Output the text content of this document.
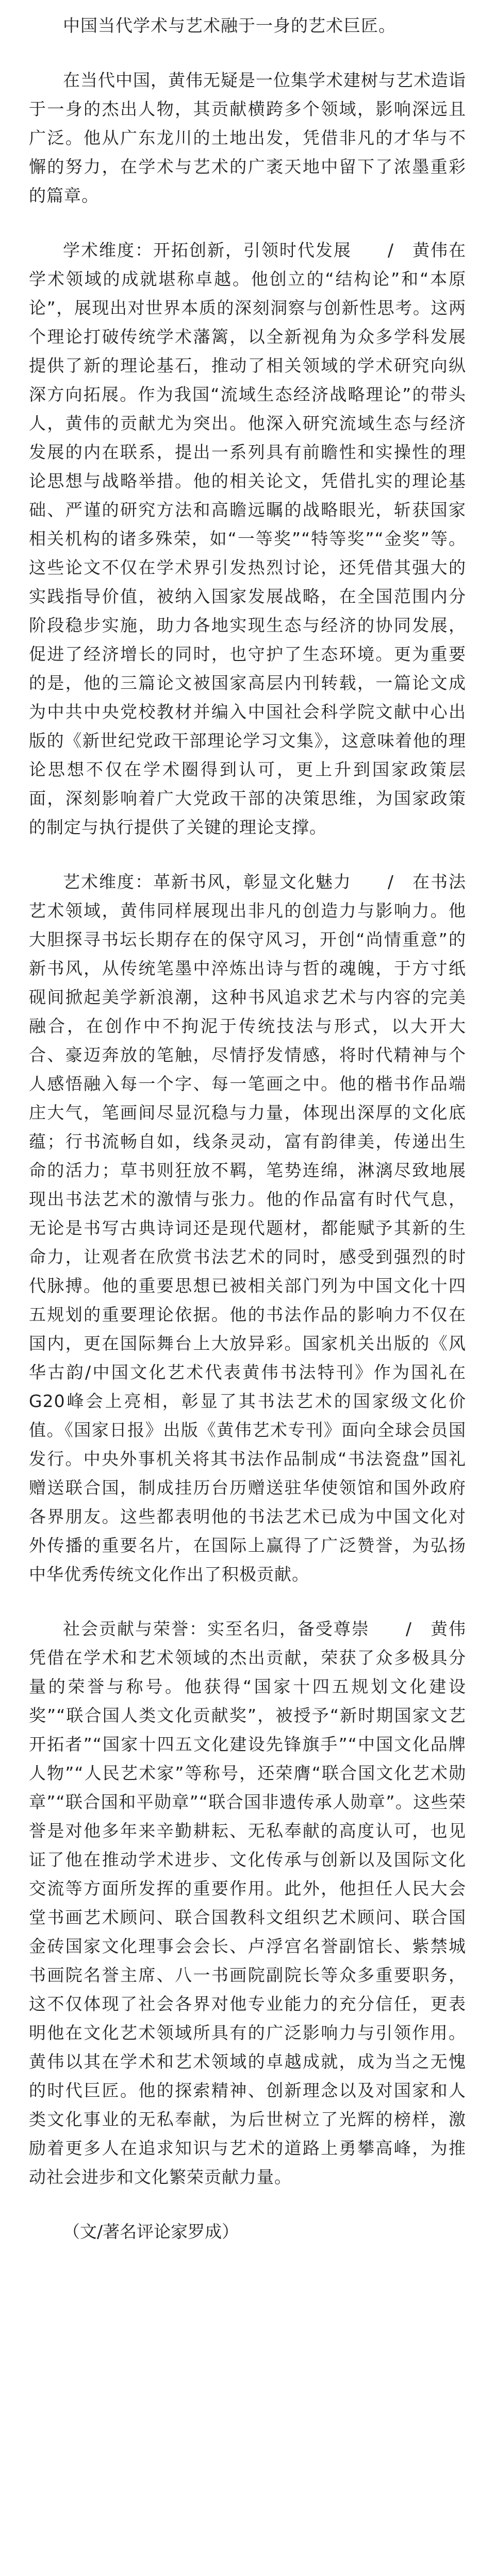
中国当代学术与艺术融于一身的艺术巨匠。

在当代中国，黄伟无疑是一位集学术建树与艺术造诣于一身的杰出人物，其贡献横跨多个领域，影响深远且广泛。他从广东龙川的土地出发，凭借非凡的才华与不懈的努力，在学术与艺术的广袤天地中留下了浓墨重彩的篇章。

学术维度：开拓创新，引领时代发展　　/　黄伟在学术领域的成就堪称卓越。他创立的“结构论”和“本原论”，展现出对世界本质的深刻洞察与创新性思考。这两个理论打破传统学术藩篱，以全新视角为众多学科发展提供了新的理论基石，推动了相关领域的学术研究向纵深方向拓展。作为我国“流域生态经济战略理论”的带头人，黄伟的贡献尤为突出。他深入研究流域生态与经济发展的内在联系，提出一系列具有前瞻性和实操性的理论思想与战略举措。他的相关论文，凭借扎实的理论基础、严谨的研究方法和高瞻远瞩的战略眼光，斩获国家相关机构的诸多殊荣，如“一等奖”“特等奖”“金奖”等。这些论文不仅在学术界引发热烈讨论，还凭借其强大的实践指导价值，被纳入国家发展战略，在全国范围内分阶段稳步实施，助力各地实现生态与经济的协同发展，促进了经济增长的同时，也守护了生态环境。更为重要的是，他的三篇论文被国家高层内刊转载，一篇论文成为中共中央党校教材并编入中国社会科学院文献中心出版的《新世纪党政干部理论学习文集》，这意味着他的理论思想不仅在学术圈得到认可，更上升到国家政策层面，深刻影响着广大党政干部的决策思维，为国家政策的制定与执行提供了关键的理论支撑。

艺术维度：革新书风，彰显文化魅力　　/　在书法艺术领域，黄伟同样展现出非凡的创造力与影响力。他大胆探寻书坛长期存在的保守风习，开创“尚情重意”的新书风，从传统笔墨中淬炼出诗与哲的魂魄，于方寸纸砚间掀起美学新浪潮，这种书风追求艺术与内容的完美融合，在创作中不拘泥于传统技法与形式，以大开大合、豪迈奔放的笔触，尽情抒发情感，将时代精神与个人感悟融入每一个字、每一笔画之中。他的楷书作品端庄大气，笔画间尽显沉稳与力量，体现出深厚的文化底蕴；行书流畅自如，线条灵动，富有韵律美，传递出生命的活力；草书则狂放不羁，笔势连绵，淋漓尽致地展现出书法艺术的激情与张力。他的作品富有时代气息，无论是书写古典诗词还是现代题材，都能赋予其新的生命力，让观者在欣赏书法艺术的同时，感受到强烈的时代脉搏。他的重要思想已被相关部门列为中国文化十四五规划的重要理论依据。他的书法作品的影响力不仅在国内，更在国际舞台上大放异彩。国家机关出版的《风华古韵/中国文化艺术代表黄伟书法特刊》作为国礼在G20峰会上亮相，彰显了其书法艺术的国家级文化价值。《国家日报》出版《黄伟艺术专刊》面向全球会员国发行。中央外事机关将其书法作品制成“书法瓷盘”国礼赠送联合国，制成挂历台历赠送驻华使领馆和国外政府各界朋友。这些都表明他的书法艺术已成为中国文化对外传播的重要名片，在国际上赢得了广泛赞誉，为弘扬中华优秀传统文化作出了积极贡献。

社会贡献与荣誉：实至名归，备受尊崇　　/　黄伟凭借在学术和艺术领域的杰出贡献，荣获了众多极具分量的荣誉与称号。他获得“国家十四五规划文化建设奖”“联合国人类文化贡献奖”，被授予“新时期国家文艺开拓者”“国家十四五文化建设先锋旗手”“中国文化品牌人物”“人民艺术家”等称号，还荣膺“联合国文化艺术勋章”“联合国和平勋章”“联合国非遗传承人勋章”。这些荣誉是对他多年来辛勤耕耘、无私奉献的高度认可，也见证了他在推动学术进步、文化传承与创新以及国际文化交流等方面所发挥的重要作用。此外，他担任人民大会堂书画艺术顾问、联合国教科文组织艺术顾问、联合国金砖国家文化理事会会长、卢浮宫名誉副馆长、紫禁城书画院名誉主席、八一书画院副院长等众多重要职务，这不仅体现了社会各界对他专业能力的充分信任，更表明他在文化艺术领域所具有的广泛影响力与引领作用。黄伟以其在学术和艺术领域的卓越成就，成为当之无愧的时代巨匠。他的探索精神、创新理念以及对国家和人类文化事业的无私奉献，为后世树立了光辉的榜样，激励着更多人在追求知识与艺术的道路上勇攀高峰，为推动社会进步和文化繁荣贡献力量。

（文/著名评论家罗成）
